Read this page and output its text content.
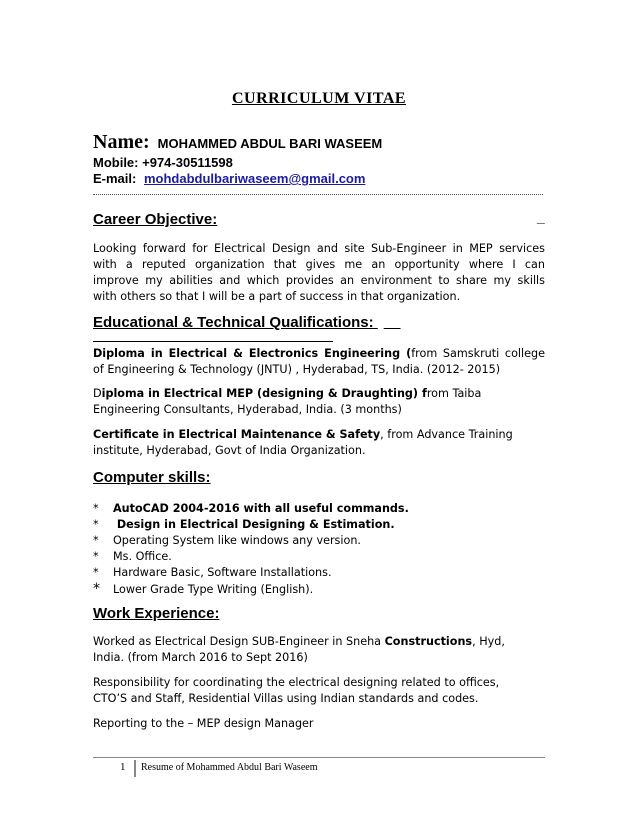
CURRICULUM VITAE
Name: MOHAMMED ABDUL BARI WASEEM
Mobile: +974-30511598
E-mail: mohdabdulbariwaseem@gmail.com
Career Objective:	_
Looking forward for Electrical Design and site Sub-Engineer in MEP services
with a reputed organization that gives me an opportunity where I can
improve my abilities and which provides an environment to share my skills
with others so that I will be a part of success in that organization.
Educational & Technical Qualifications: __
Diploma in Electrical & Electronics Engineering (from Samskruti college
of Engineering & Technology (JNTU) , Hyderabad, TS, India. (2012- 2015)
Diploma in Electrical MEP (designing & Draughting) from Taiba
Engineering Consultants, Hyderabad, India. (3 months)
Certificate in Electrical Maintenance & Safety, from Advance Training
institute, Hyderabad, Govt of India Organization.
Computer skills:
* AutoCAD 2004-2016 with all useful commands.
* Design in Electrical Designing & Estimation.
* Operating System like windows any version.
* Ms. Office.
* Hardware Basic, Software Installations.
* Lower Grade Type Writing (English).
Work Experience:
Worked as Electrical Design SUB-Engineer in Sneha Constructions, Hyd,
India. (from March 2016 to Sept 2016)
Responsibility for coordinating the electrical designing related to offices,
CTO’S and Staff, Residential Villas using Indian standards and codes.
Reporting to the – MEP design Manager
1 Resume of Mohammed Abdul Bari Waseem
